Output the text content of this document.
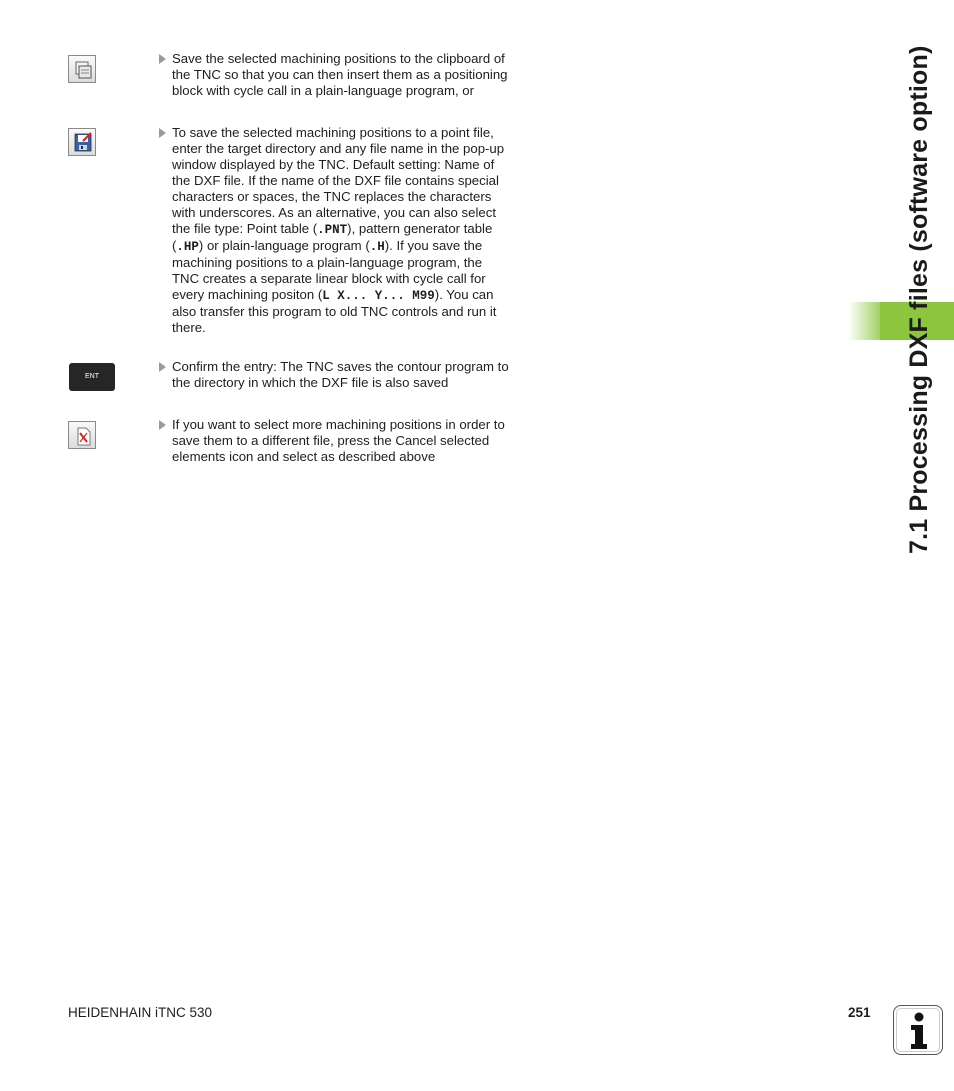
Save the selected machining positions to the clipboard of the TNC so that you can then insert them as a positioning block with cycle call in a plain-language program, or
To save the selected machining positions to a point file, enter the target directory and any file name in the pop-up window displayed by the TNC. Default setting: Name of the DXF file. If the name of the DXF file contains special characters or spaces, the TNC replaces the characters with underscores. As an alternative, you can also select the file type: Point table (.PNT), pattern generator table (.HP) or plain-language program (.H). If you save the machining positions to a plain-language program, the TNC creates a separate linear block with cycle call for every machining positon (L X... Y... M99). You can also transfer this program to old TNC controls and run it there.
ENT
Confirm the entry: The TNC saves the contour program to the directory in which the DXF file is also saved
If you want to select more machining positions in order to save them to a different file, press the Cancel selected elements icon and select as described above	7.1 Processing DXF files (software option)
HEIDENHAIN iTNC 530	251
